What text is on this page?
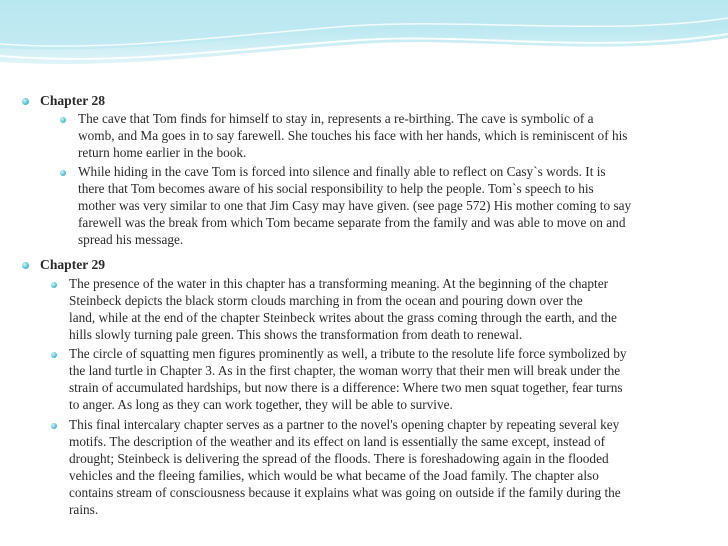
Chapter 28
The cave that Tom finds for himself to stay in, represents a re-birthing. The cave is symbolic of a
womb, and Ma goes in to say farewell. She touches his face with her hands, which is reminiscent of his
return home earlier in the book.
While hiding in the cave Tom is forced into silence and finally able to reflect on Casy`s words. It is
there that Tom becomes aware of his social responsibility to help the people. Tom`s speech to his
mother was very similar to one that Jim Casy may have given. (see page 572) His mother coming to say
farewell was the break from which Tom became separate from the family and was able to move on and
spread his message.
Chapter 29
The presence of the water in this chapter has a transforming meaning. At the beginning of the chapter
Steinbeck depicts the black storm clouds marching in from the ocean and pouring down over the
land, while at the end of the chapter Steinbeck writes about the grass coming through the earth, and the
hills slowly turning pale green. This shows the transformation from death to renewal.
The circle of squatting men figures prominently as well, a tribute to the resolute life force symbolized by
the land turtle in Chapter 3. As in the first chapter, the woman worry that their men will break under the
strain of accumulated hardships, but now there is a difference: Where two men squat together, fear turns
to anger. As long as they can work together, they will be able to survive.
This final intercalary chapter serves as a partner to the novel's opening chapter by repeating several key
motifs. The description of the weather and its effect on land is essentially the same except, instead of
drought; Steinbeck is delivering the spread of the floods. There is foreshadowing again in the flooded
vehicles and the fleeing families, which would be what became of the Joad family. The chapter also
contains stream of consciousness because it explains what was going on outside if the family during the
rains.
